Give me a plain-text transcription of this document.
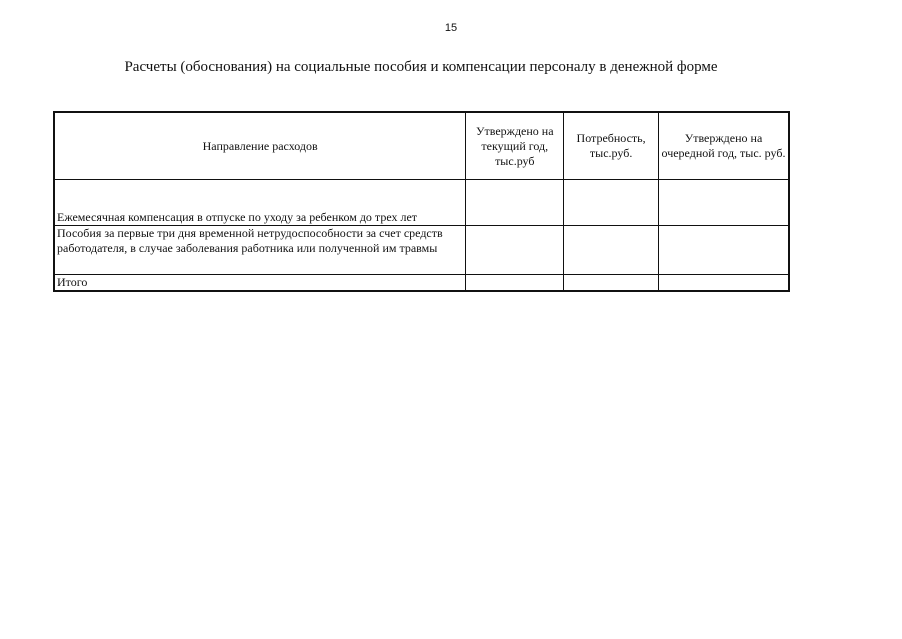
15
Расчеты (обоснования) на социальные пособия и компенсации персоналу в денежной форме
Направление расходов	Утверждено на текущий год, тыс.руб	Потребность, тыс.руб.	Утверждено на очередной год, тыс. руб.
Ежемесячная компенсация в отпуске по уходу за ребенком до трех лет			
Пособия за первые три дня временной нетрудоспособности за счет средств работодателя, в случае заболевания работника или полученной им травмы			
Итого			
